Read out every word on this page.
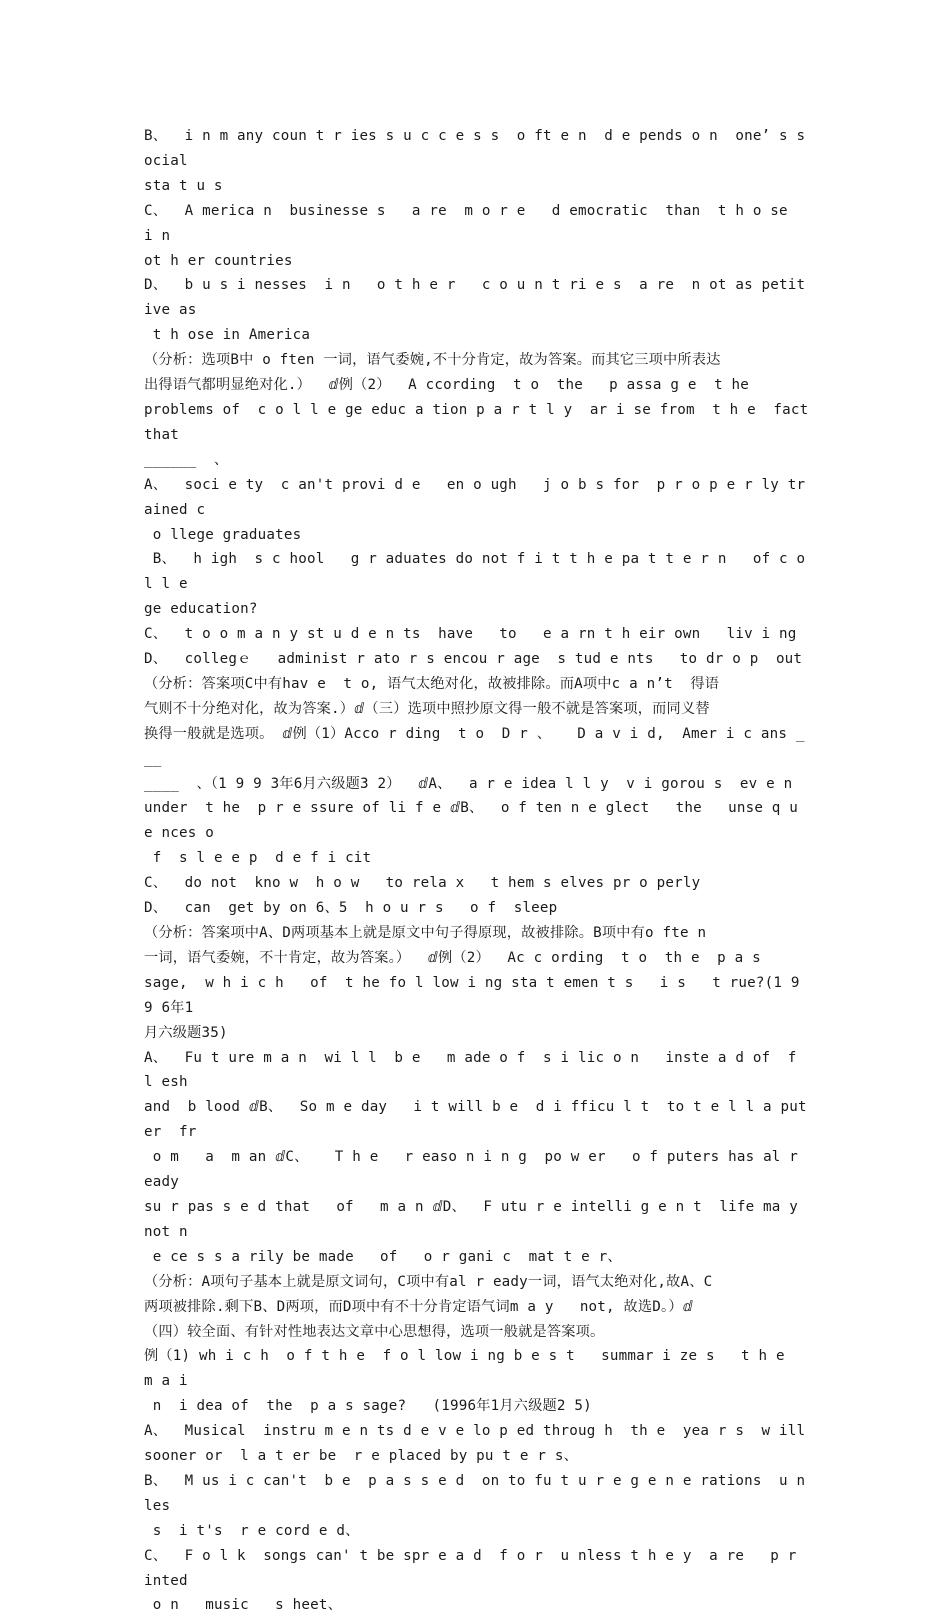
B、  i n m any coun t r ies s u c c e s s  o ft e n  d e pends o n  one’ s social

sta t u s

C、  A merica n  businesse s   a re  m o r e   d emocratic  than  t h o se  i n

ot h er countries

D、  b u s i nesses  i n   o t h e r   c o u n t ri e s  a re  n ot as petitive as

t h ose in America

（分析：选项B中 o ften 一词，语气委婉,不十分肯定，故为答案。而其它三项中所表达

出得语气都明显绝对化.）  ⅆ例（2）  A ccording  t o  the   p assa g e  t he

problems of  c o l l e ge educ a tion p a r t l y  ar i se from  t h e  fact  that

______  、

A、  soci e ty  c an't provi d e   en o ugh   j o b s for  p r o p e r ly trained c

o llege graduates

B、  h igh  s c hool   g r aduates do not f i t t h e pa t t e r n   of c o l l e

ge education?

C、  t o o m a n y st u d e n ts  have   to   e a rn t h eir own   liv i ng

D、  collegｅ   administ r ato r s encou r age  s tud e nts   to dr o p  out

（分析：答案项C中有hav e  t o, 语气太绝对化，故被排除。而A项中c a n’t  得语

气则不十分绝对化，故为答案.）ⅆ（三）选项中照抄原文得一般不就是答案项，而同义替

换得一般就是选项。 ⅆ例（1）Acco r ding  t o  D r 、   D a v i d,  Amer i c ans ___

____  、（1 9 9 3年6月六级题3 2）  ⅆA、  a r e idea l l y  v i gorou s  ev e n

under  t he  p r e ssure of li f e ⅆB、  o f ten n e glect   the   unse q u e nces o

f  s l e e p  d e f i cit

C、  do not  kno w  h o w   to rela x   t hem s elves pr o perly

D、  can  get by on 6、5  h o u r s   o f  sleep

（分析：答案项中A、D两项基本上就是原文中句子得原现，故被排除。B项中有o fte n

一词，语气委婉，不十肯定，故为答案。）  ⅆ例（2）  Ac c ording  t o  th e  p a s

sage,  w h i c h   of  t he fo l low i ng sta t emen t s   i s   t rue?(1 9 9 6年1

月六级题35)

A、  Fu t ure m a n  wi l l  b e   m ade o f  s i lic o n   inste a d of  f l esh

and  b lood ⅆB、  So m e day   i t will b e  d i fficu l t  to t e l l a puter  fr

o m   a  m an ⅆC、   T h e   r easo n i n g  po w er   o f puters has al r eady

su r pas s e d that   of   m a n ⅆD、  F utu r e intelli g e n t  life ma y  not n

e ce s s a rily be made   of   o r gani c  mat t e r、

（分析：A项句子基本上就是原文词句，C项中有al r eady一词，语气太绝对化,故A、C

两项被排除.剩下B、D两项，而D项中有不十分肯定语气词m a y   not, 故选D。）ⅆ

（四）较全面、有针对性地表达文章中心思想得，选项一般就是答案项。

例（1) wh i c h  o f t h e  f o l low i ng b e s t   summar i ze s   t h e  m a i

n  i dea of  the  p a s sage?   (1996年1月六级题2 5)

A、  Musical  instru m e n ts d e v e lo p ed throug h  th e  yea r s  w ill

sooner or  l a t er be  r e placed by pu t e r s、

B、  M us i c can't  b e  p a s s e d  on to fu t u r e g e n e rations  u nles

s  i t's  r e cord e d、

C、  F o l k  songs can' t be spr e a d  f o r  u nless t h e y  a re   p r inted

o n   music   s heet、
